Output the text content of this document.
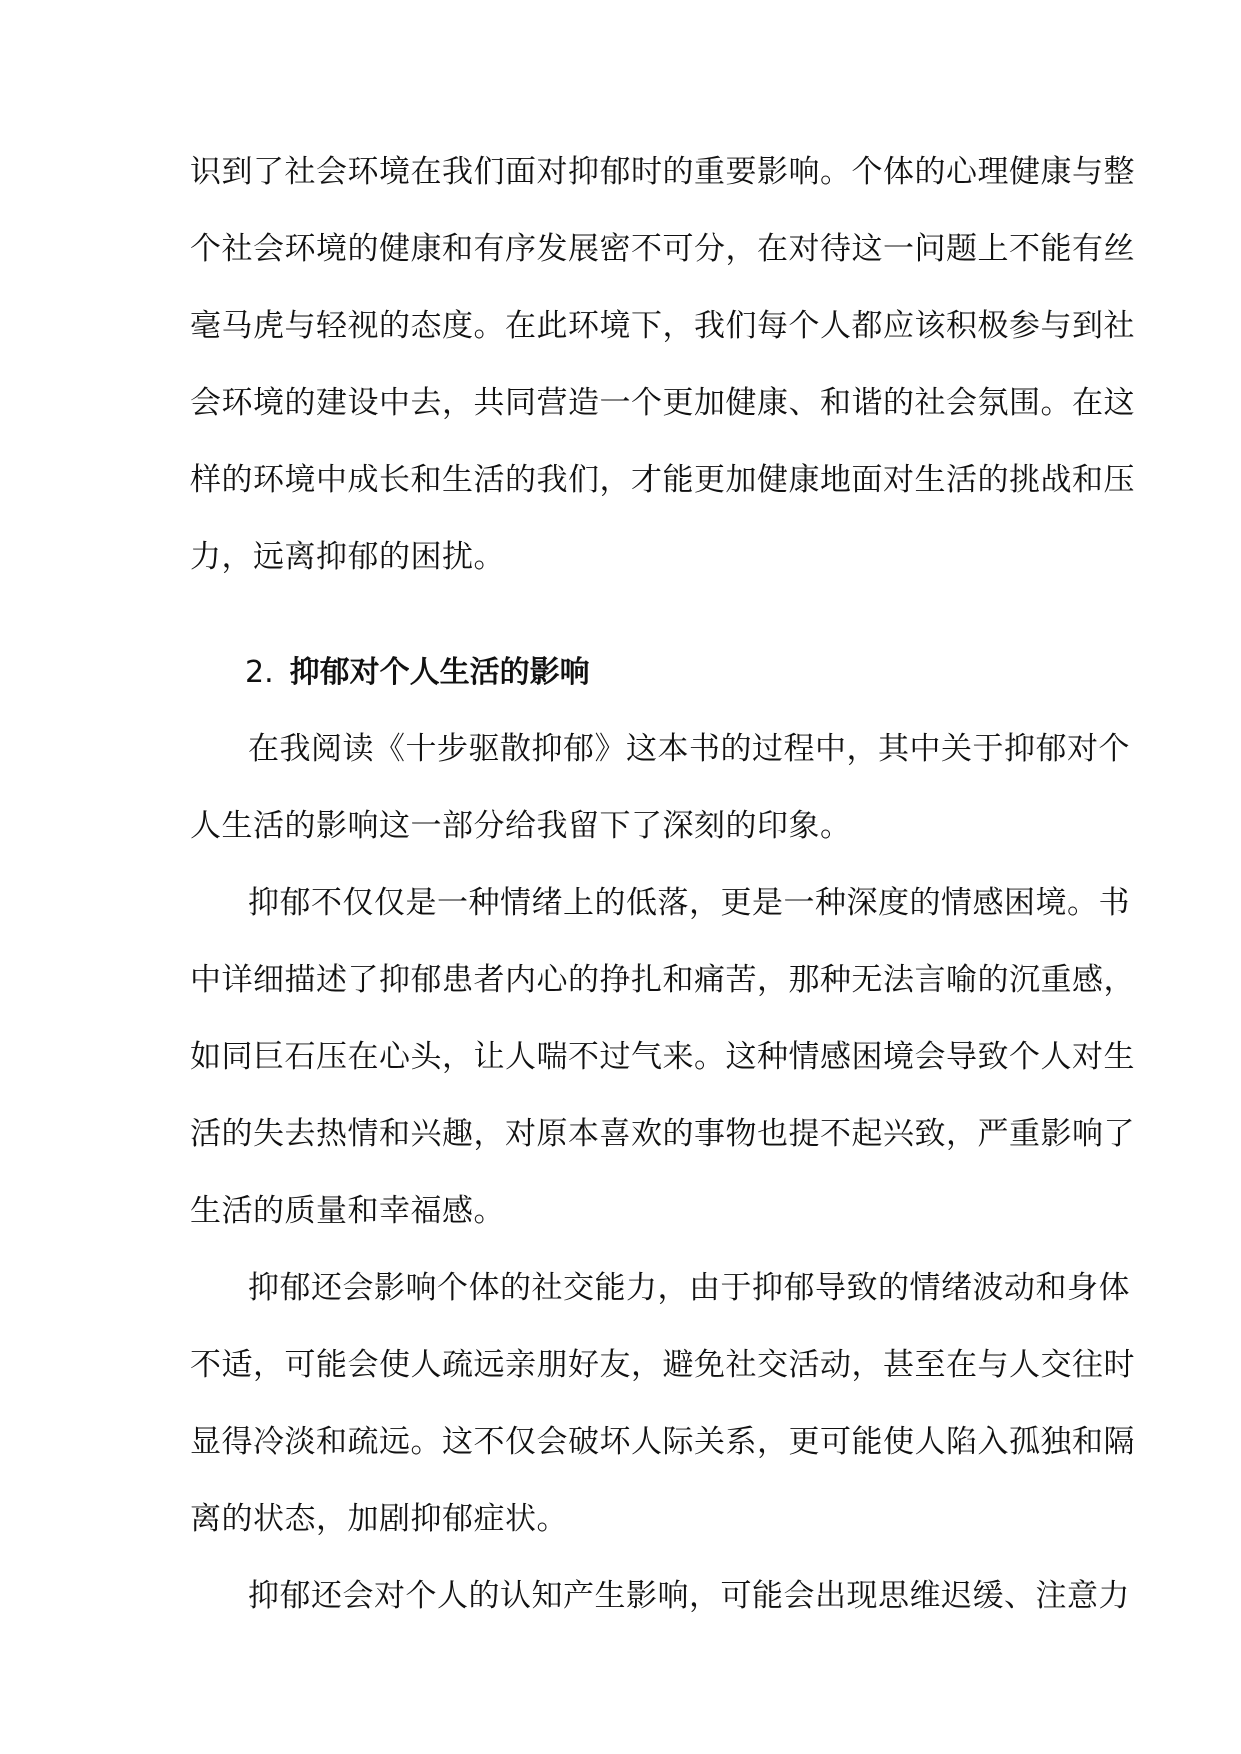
识到了社会环境在我们面对抑郁时的重要影响。个体的心理健康与整
个社会环境的健康和有序发展密不可分，在对待这一问题上不能有丝
毫马虎与轻视的态度。在此环境下，我们每个人都应该积极参与到社
会环境的建设中去，共同营造一个更加健康、和谐的社会氛围。在这
样的环境中成长和生活的我们，才能更加健康地面对生活的挑战和压
力，远离抑郁的困扰。
2. 抑郁对个人生活的影响
在我阅读《十步驱散抑郁》这本书的过程中，其中关于抑郁对个
人生活的影响这一部分给我留下了深刻的印象。
抑郁不仅仅是一种情绪上的低落，更是一种深度的情感困境。书
中详细描述了抑郁患者内心的挣扎和痛苦，那种无法言喻的沉重感，
如同巨石压在心头，让人喘不过气来。这种情感困境会导致个人对生
活的失去热情和兴趣，对原本喜欢的事物也提不起兴致，严重影响了
生活的质量和幸福感。
抑郁还会影响个体的社交能力，由于抑郁导致的情绪波动和身体
不适，可能会使人疏远亲朋好友，避免社交活动，甚至在与人交往时
显得冷淡和疏远。这不仅会破坏人际关系，更可能使人陷入孤独和隔
离的状态，加剧抑郁症状。
抑郁还会对个人的认知产生影响，可能会出现思维迟缓、注意力
